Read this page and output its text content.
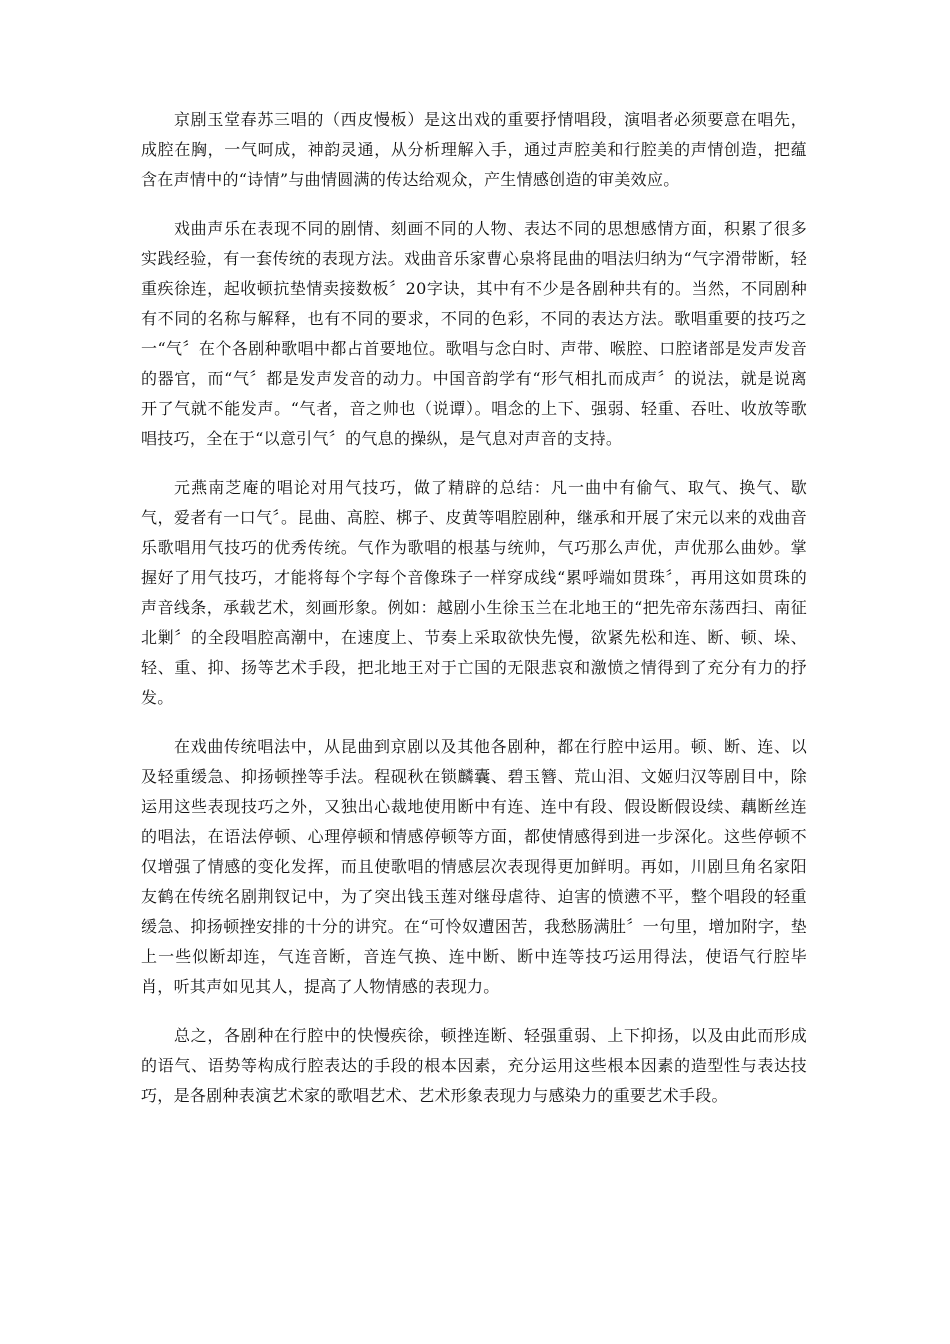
京剧玉堂春苏三唱的（西皮慢板）是这出戏的重要抒情唱段，演唱者必须要意在唱先，成腔在胸，一气呵成，神韵灵通，从分析理解入手，通过声腔美和行腔美的声情创造，把蕴含在声情中的“诗情”与曲情圆满的传达给观众，产生情感创造的审美效应。

戏曲声乐在表现不同的剧情、刻画不同的人物、表达不同的思想感情方面，积累了很多实践经验，有一套传统的表现方法。戏曲音乐家曹心泉将昆曲的唱法归纳为“气字滑带断，轻重疾徐连，起收顿抗垫情卖接数板〞20字诀，其中有不少是各剧种共有的。当然，不同剧种有不同的名称与解释，也有不同的要求，不同的色彩，不同的表达方法。歌唱重要的技巧之一“气〞在个各剧种歌唱中都占首要地位。歌唱与念白时、声带、喉腔、口腔诸部是发声发音的器官，而“气〞都是发声发音的动力。中国音韵学有“形气相扎而成声〞的说法，就是说离开了气就不能发声。“气者，音之帅也（说谭）。唱念的上下、强弱、轻重、吞吐、收放等歌唱技巧，全在于“以意引气〞的气息的操纵，是气息对声音的支持。

元燕南芝庵的唱论对用气技巧，做了精辟的总结：凡一曲中有偷气、取气、换气、歇气，爱者有一口气〞。昆曲、高腔、梆子、皮黄等唱腔剧种，继承和开展了宋元以来的戏曲音乐歌唱用气技巧的优秀传统。气作为歌唱的根基与统帅，气巧那么声优，声优那么曲妙。掌握好了用气技巧，才能将每个字每个音像珠子一样穿成线“累呼端如贯珠〞，再用这如贯珠的声音线条，承载艺术，刻画形象。例如：越剧小生徐玉兰在北地王的“把先帝东荡西扫、南征北剿〞的全段唱腔高潮中，在速度上、节奏上采取欲快先慢，欲紧先松和连、断、顿、垛、轻、重、抑、扬等艺术手段，把北地王对于亡国的无限悲哀和激愤之情得到了充分有力的抒发。

在戏曲传统唱法中，从昆曲到京剧以及其他各剧种，都在行腔中运用。顿、断、连、以及轻重缓急、抑扬顿挫等手法。程砚秋在锁麟囊、碧玉簪、荒山泪、文姬归汉等剧目中，除运用这些表现技巧之外，又独出心裁地使用断中有连、连中有段、假设断假设续、藕断丝连的唱法，在语法停顿、心理停顿和情感停顿等方面，都使情感得到进一步深化。这些停顿不仅增强了情感的变化发挥，而且使歌唱的情感层次表现得更加鲜明。再如，川剧旦角名家阳友鹤在传统名剧荆钗记中，为了突出钱玉莲对继母虐待、迫害的愤懑不平，整个唱段的轻重缓急、抑扬顿挫安排的十分的讲究。在“可怜奴遭困苦，我愁肠满肚〞一句里，增加附字，垫上一些似断却连，气连音断，音连气换、连中断、断中连等技巧运用得法，使语气行腔毕肖，听其声如见其人，提高了人物情感的表现力。

总之，各剧种在行腔中的快慢疾徐，顿挫连断、轻强重弱、上下抑扬，以及由此而形成的语气、语势等构成行腔表达的手段的根本因素，充分运用这些根本因素的造型性与表达技巧，是各剧种表演艺术家的歌唱艺术、艺术形象表现力与感染力的重要艺术手段。
